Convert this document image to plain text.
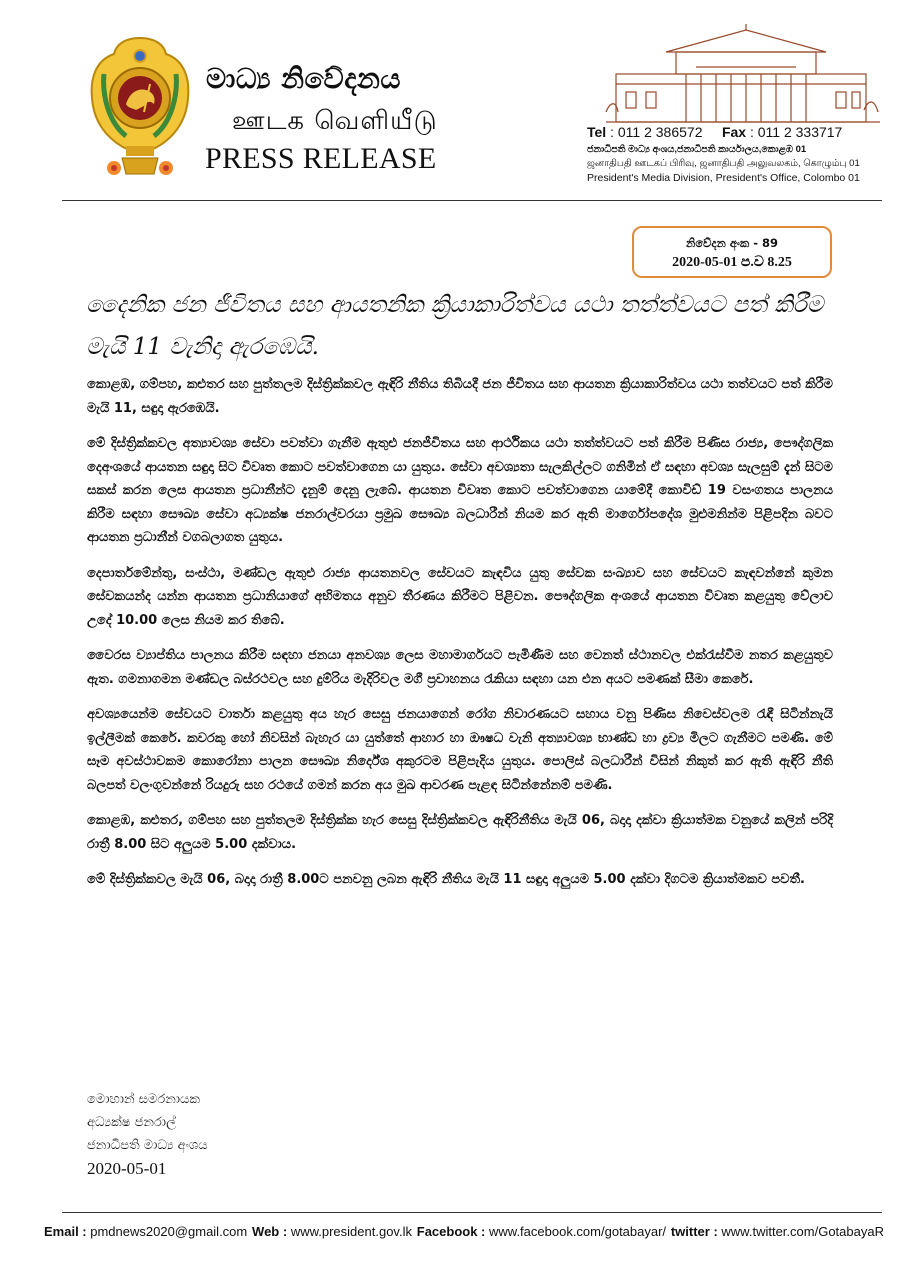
මාධ්‍ය නිවේදනය
ஊடக வெளியீடு
PRESS RELEASE
Tel : 011 2 386572 Fax : 011 2 333717
ජනාධිපති මාධ්‍ය අංශය,ජනාධිපති කාර්යාලය,කොළඹ 01
ஜனாதிபதி ஊடகப் பிரிவு, ஜனாதிபதி அலுவலகம், கொழும்பு 01
President's Media Division, President's Office, Colombo 01
නිවේදන අංක - 89
2020-05-01 ප.ව 8.25
දෛනික ජන ජීවිතය සහ ආයතනික ක්‍රියාකාරිත්වය යථා තත්ත්වයට පත් කිරීම මැයි 11 වැනිදා ඇරඹෙයි.

කොළඹ, ගම්පහ, කළුතර සහ පුත්තලම දිස්ත්‍රික්කවල ඇඳිරි නීතිය තිබියදී ජන ජීවිතය සහ ආයතන ක්‍රියාකාරිත්වය යථා තත්වයට පත් කිරීම මැයි 11, සඳුදා ඇරඹෙයි.

මේ දිස්ත්‍රික්කවල අත්‍යාවශ්‍ය සේවා පවත්වා ගැනීම ඇතුළු ජනජීවිතය සහ ආර්ථිකය යථා තත්ත්වයට පත් කිරීම පිණිස රාජ්‍ය, පෞද්ගලික දෙඅංශයේ ආයතන සඳුදා සිට විවෘත කොට පවත්වාගෙන යා යුතුය. සේවා අවශ්‍යතා සැලකිල්ලට ගනිමින් ඒ සඳහා අවශ්‍ය සැලසුම් දැන් සිටම සකස් කරන ලෙස ආයතන ප්‍රධානීන්ට දැනුම් දෙනු ලැබේ. ආයතන විවෘත කොට පවත්වාගෙන යාමේදී කොවිඩ් 19 වසංගතය පාලනය කිරීම සඳහා සෞඛ්‍ය සේවා අධ්‍යක්ෂ ජනරාල්වරයා ප්‍රමුඛ සෞඛ්‍ය බලධාරීන් නියම කර ඇති මාර්ගෝපදේශ මුළුමනින්ම පිළිපදින බවට ආයතන ප්‍රධානීන් වගබලාගත යුතුය.

දෙපාර්තමේන්තු, සංස්ථා, මණ්ඩල ඇතුළු රාජ්‍ය ආයතනවල සේවයට කැඳවිය යුතු සේවක සංඛ්‍යාව සහ සේවයට කැඳවන්නේ කුමන සේවකයන්ද යන්න ආයතන ප්‍රධානියාගේ අභිමතය අනුව තීරණය කිරීමට පිළිවන. පෞද්ගලික අංශයේ ආයතන විවෘත කළයුතු වේලාව උදේ 10.00 ලෙස නියම කර තිබේ.

වෛරස ව්‍යාප්තිය පාලනය කිරීම සඳහා ජනයා අනවශ්‍ය ලෙස මහාමාර්ගයට පැමිණීම සහ වෙනත් ස්ථානවල එක්රැස්වීම නතර කළයුතුව ඇත. ගමනාගමන මණ්ඩල බස්රථවල සහ දුම්රිය මැදිරිවල මගී ප්‍රවාහනය රැකියා සඳහා යන එන අයට පමණක් සීමා කෙරේ.

අවශ්‍යයෙන්ම සේවයට වාර්තා කළයුතු අය හැර සෙසු ජනයාගෙන් රෝග නිවාරණයට සහාය වනු පිණිස නිවෙස්වලම රැඳී සිටින්නැයි ඉල්ලීමක් කෙරේ. කවරකු හෝ නිවසින් බැහැර යා යුත්තේ ආහාර හා ඖෂධ වැනි අත්‍යාවශ්‍ය භාණ්ඩ හා ද්‍රව්‍ය මිලට ගැනීමට පමණි. මේ සෑම අවස්ථාවකම කොරෝනා පාලන සෞඛ්‍ය නිර්දේශ අකුරටම පිළිපැදිය යුතුය. පොලිස් බලධාරීන් විසින් නිකුත් කර ඇති ඇඳිරි නීති බලපත් වලංගුවන්නේ රියදුරු සහ රථයේ ගමන් කරන අය මුඛ ආවරණ පැළඳ සිටින්නේනම් පමණි.

කොළඹ, කළුතර, ගම්පහ සහ පුත්තලම දිස්ත්‍රික්ක හැර සෙසු දිස්ත්‍රික්කවල ඇඳිරිනීතිය මැයි 06, බදාදා දක්වා ක්‍රියාත්මක වනුයේ කලින් පරිදි රාත්‍රී 8.00 සිට අලුයම 5.00 දක්වාය.

මේ දිස්ත්‍රික්කවල මැයි 06, බදාදා රාත්‍රී 8.00ට පනවනු ලබන ඇඳිරි නීතිය මැයි 11 සඳුදා අලුයම 5.00 දක්වා දිගටම ක්‍රියාත්මකව පවතී.

මොහාන් සමරනායක
අධ්‍යක්ෂ ජනරාල්
ජනාධිපති මාධ්‍ය අංශය
2020-05-01
Email : pmdnews2020@gmail.com Web : www.president.gov.lk Facebook : www.facebook.com/gotabayar/ twitter : www.twitter.com/GotabayaR
